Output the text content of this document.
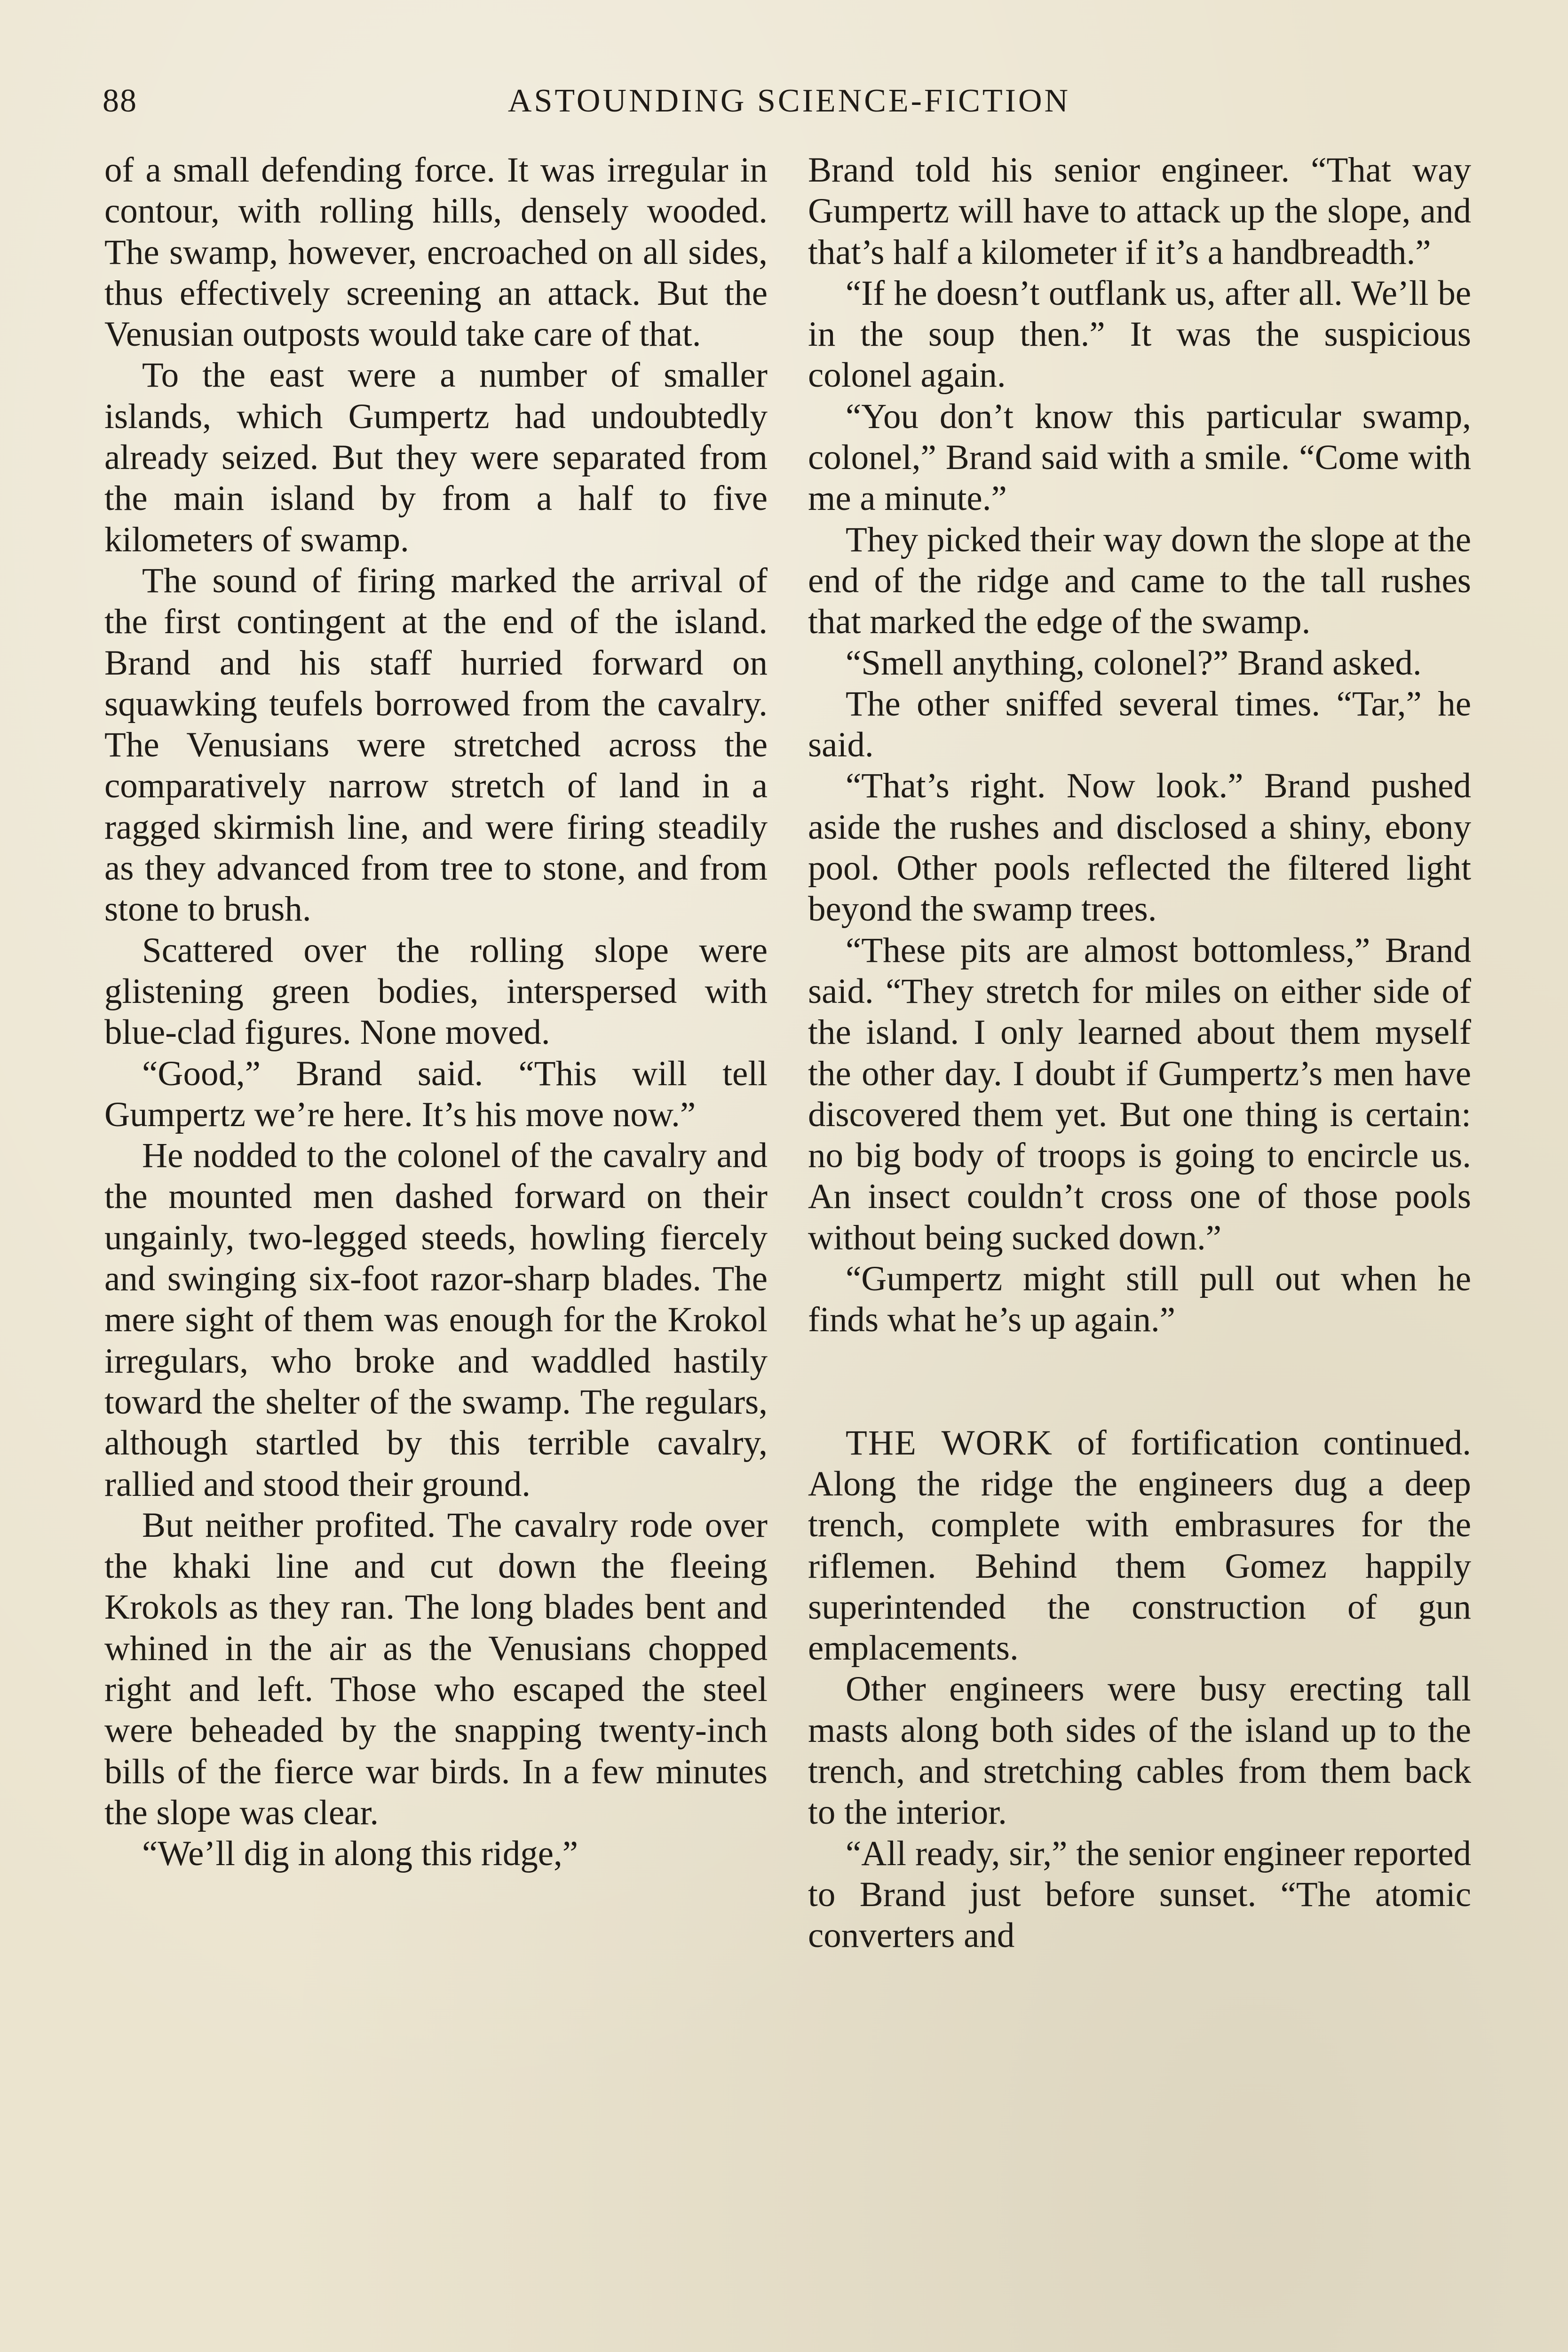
88	ASTOUNDING SCIENCE-FICTION

of a small defending force. It was irregular in contour, with rolling hills, densely wooded. The swamp, however, encroached on all sides, thus effectively screening an attack. But the Venusian outposts would take care of that.

To the east were a number of smaller islands, which Gumpertz had undoubtedly already seized. But they were separated from the main island by from a half to five kilometers of swamp.

The sound of firing marked the arrival of the first contingent at the end of the island. Brand and his staff hurried forward on squawking teufels borrowed from the cavalry. The Venusians were stretched across the comparatively narrow stretch of land in a ragged skirmish line, and were firing steadily as they advanced from tree to stone, and from stone to brush.

Scattered over the rolling slope were glistening green bodies, interspersed with blue-clad figures. None moved.

“Good,” Brand said. “This will tell Gumpertz we’re here. It’s his move now.”

He nodded to the colonel of the cavalry and the mounted men dashed forward on their ungainly, two-legged steeds, howling fiercely and swinging six-foot razor-sharp blades. The mere sight of them was enough for the Krokol irregulars, who broke and waddled hastily toward the shelter of the swamp. The regulars, although startled by this terrible cavalry, rallied and stood their ground.

But neither profited. The cavalry rode over the khaki line and cut down the fleeing Krokols as they ran. The long blades bent and whined in the air as the Venusians chopped right and left. Those who escaped the steel were beheaded by the snapping twenty-inch bills of the fierce war birds. In a few minutes the slope was clear.

“We’ll dig in along this ridge,”

Brand told his senior engineer. “That way Gumpertz will have to attack up the slope, and that’s half a kilometer if it’s a handbreadth.”

“If he doesn’t outflank us, after all. We’ll be in the soup then.” It was the suspicious colonel again.

“You don’t know this particular swamp, colonel,” Brand said with a smile. “Come with me a minute.”

They picked their way down the slope at the end of the ridge and came to the tall rushes that marked the edge of the swamp.

“Smell anything, colonel?” Brand asked.

The other sniffed several times. “Tar,” he said.

“That’s right. Now look.” Brand pushed aside the rushes and disclosed a shiny, ebony pool. Other pools reflected the filtered light beyond the swamp trees.

“These pits are almost bottomless,” Brand said. “They stretch for miles on either side of the island. I only learned about them myself the other day. I doubt if Gumpertz’s men have discovered them yet. But one thing is certain: no big body of troops is going to encircle us. An insect couldn’t cross one of those pools without being sucked down.”

“Gumpertz might still pull out when he finds what he’s up again.”

THE WORK of fortification continued. Along the ridge the engineers dug a deep trench, complete with embrasures for the riflemen. Behind them Gomez happily superintended the construction of gun emplacements.

Other engineers were busy erecting tall masts along both sides of the island up to the trench, and stretching cables from them back to the interior.

“All ready, sir,” the senior engineer reported to Brand just before sunset. “The atomic converters and
